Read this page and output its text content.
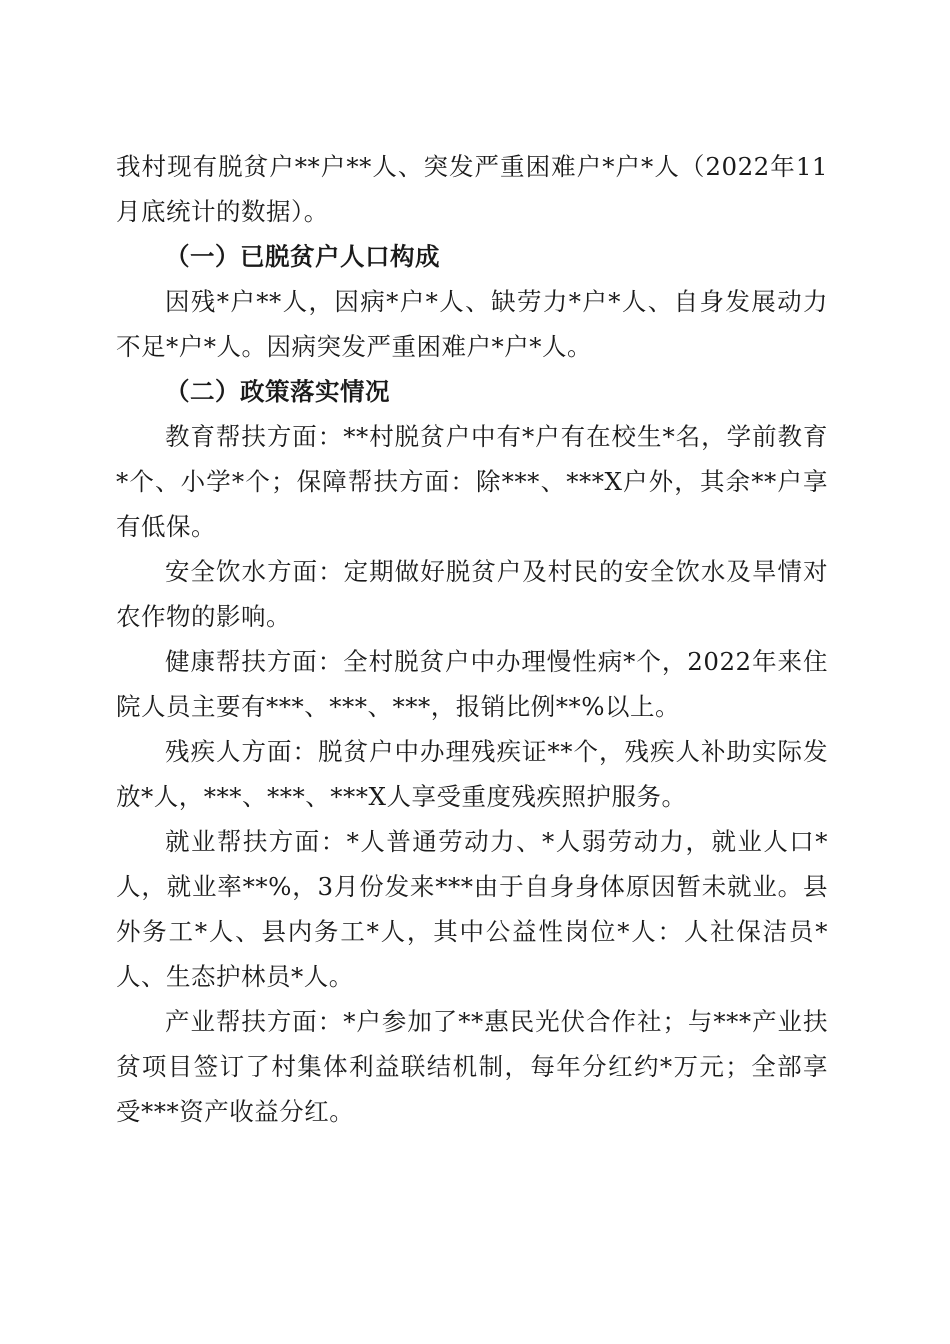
我村现有脱贫户**户**人、突发严重困难户*户*人（2022年11月底统计的数据）。

（一）已脱贫户人口构成

因残*户**人，因病*户*人、缺劳力*户*人、自身发展动力不足*户*人。因病突发严重困难户*户*人。

（二）政策落实情况

教育帮扶方面：**村脱贫户中有*户有在校生*名，学前教育*个、小学*个；保障帮扶方面：除***、***X户外，其余**户享有低保。

安全饮水方面：定期做好脱贫户及村民的安全饮水及旱情对农作物的影响。

健康帮扶方面：全村脱贫户中办理慢性病*个，2022年来住院人员主要有***、***、***，报销比例**%以上。

残疾人方面：脱贫户中办理残疾证**个，残疾人补助实际发放*人，***、***、***X人享受重度残疾照护服务。

就业帮扶方面：*人普通劳动力、*人弱劳动力，就业人口*人，就业率**%，3月份发来***由于自身身体原因暂未就业。县外务工*人、县内务工*人，其中公益性岗位*人：人社保洁员*人、生态护林员*人。

产业帮扶方面：*户参加了**惠民光伏合作社；与***产业扶贫项目签订了村集体利益联结机制，每年分红约*万元；全部享受***资产收益分红。
